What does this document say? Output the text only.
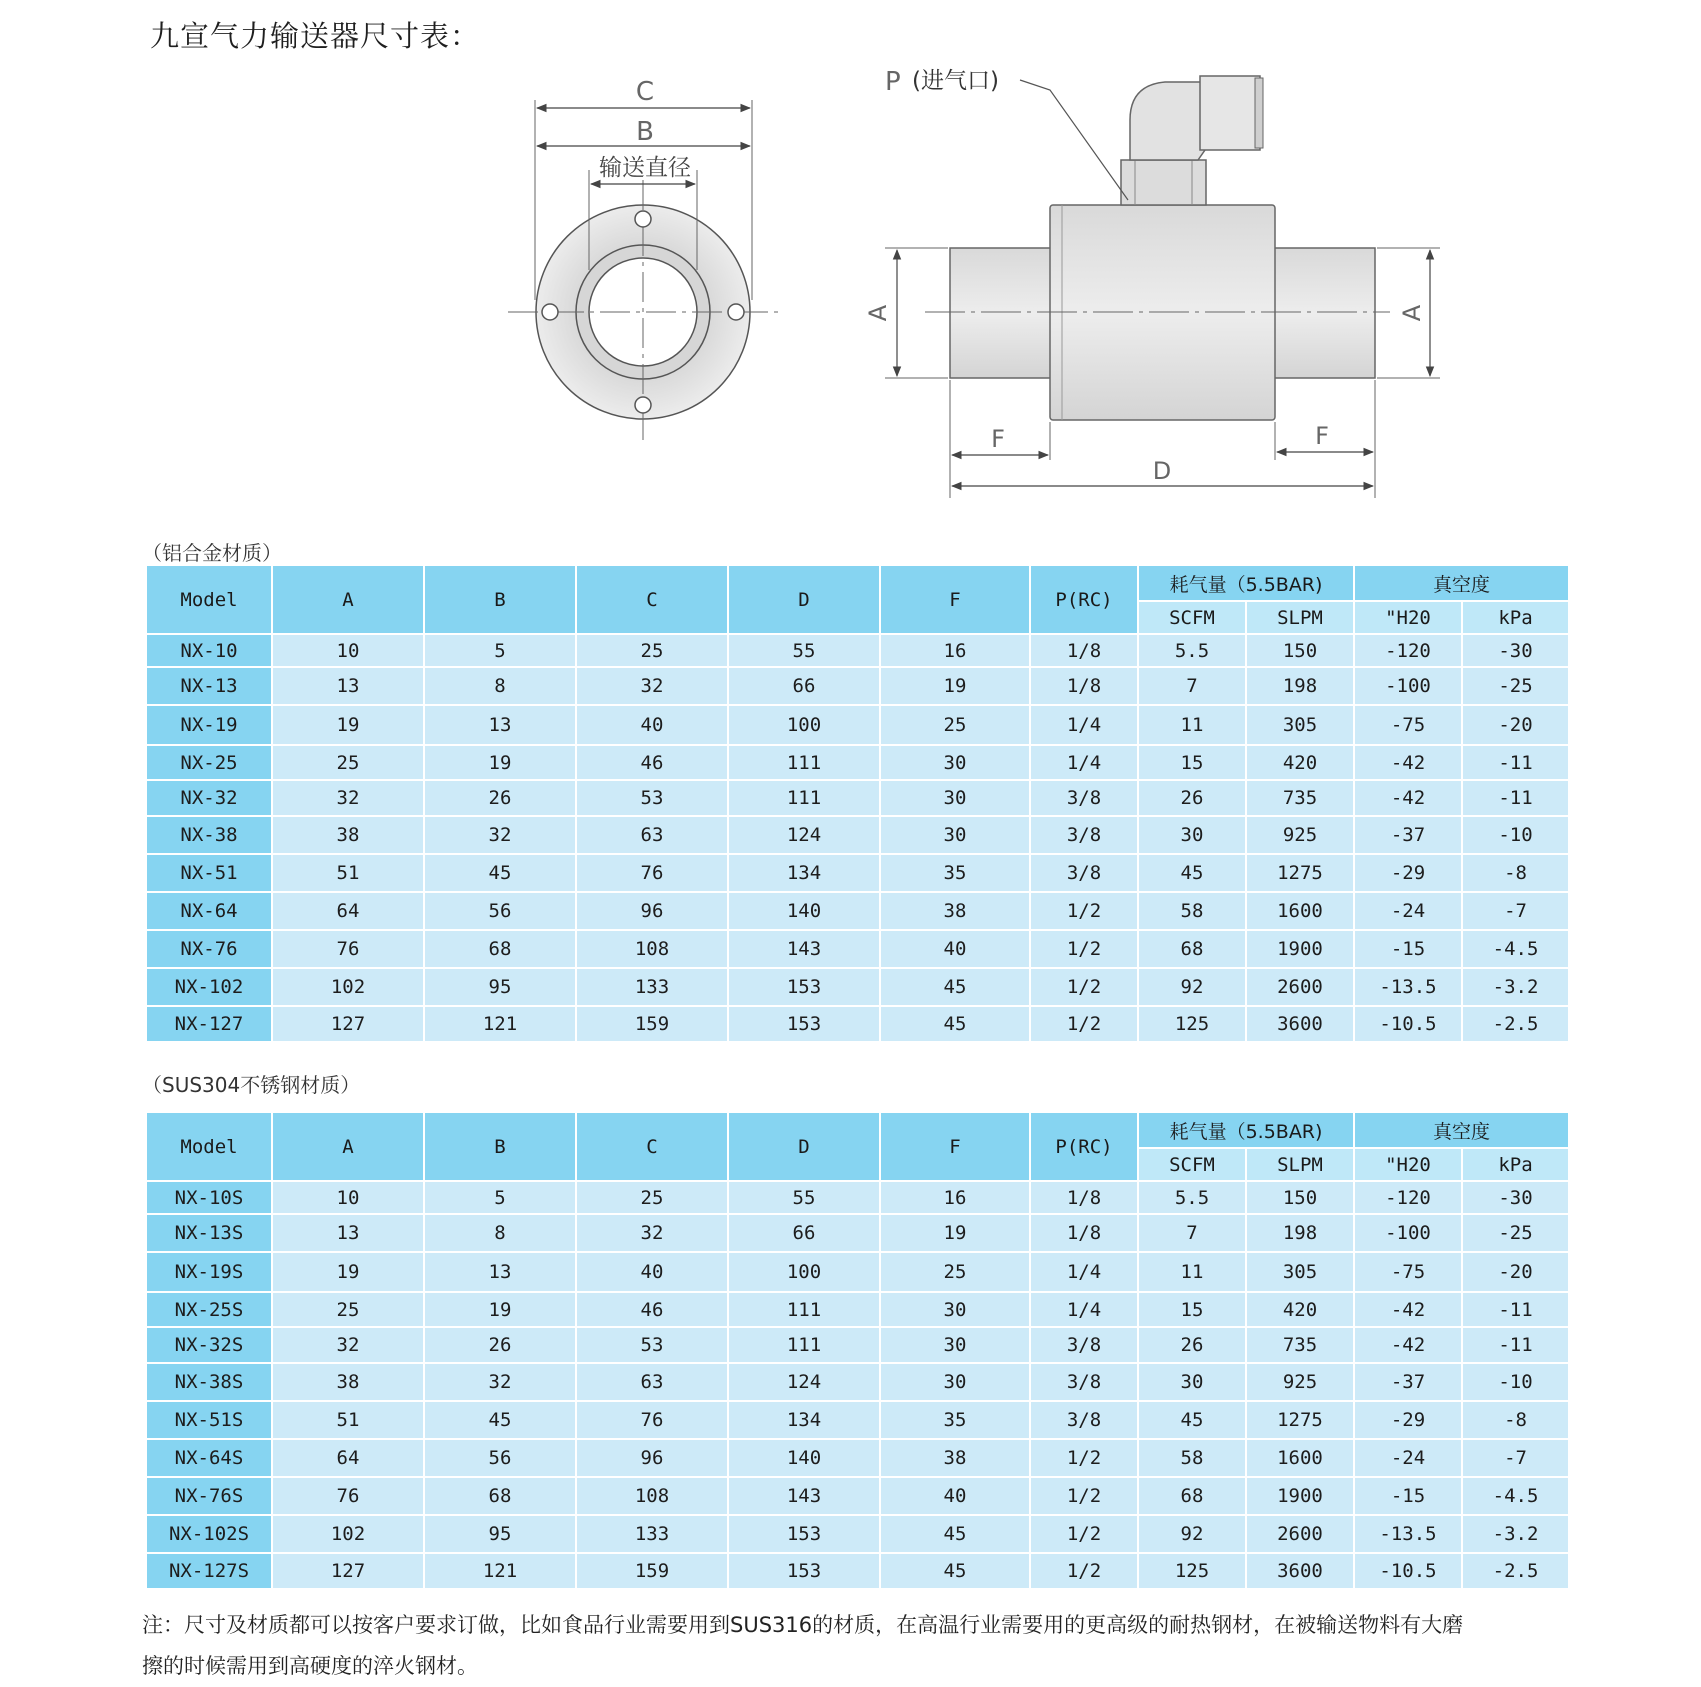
九宣气力输送器尺寸表：
C
B
输送直径
P (进气口)
A	A
F	F
D
（铝合金材质）
Model	A	B	C	D	F	P(RC)	耗气量（5.5BAR)		真空度	
							SCFM	SLPM	"H20	kPa
NX-10	10	5	25	55	16	1/8	5.5	150	-120	-30
NX-13	13	8	32	66	19	1/8	7	198	-100	-25
NX-19	19	13	40	100	25	1/4	11	305	-75	-20
NX-25	25	19	46	111	30	1/4	15	420	-42	-11
NX-32	32	26	53	111	30	3/8	26	735	-42	-11
NX-38	38	32	63	124	30	3/8	30	925	-37	-10
NX-51	51	45	76	134	35	3/8	45	1275	-29	-8
NX-64	64	56	96	140	38	1/2	58	1600	-24	-7
NX-76	76	68	108	143	40	1/2	68	1900	-15	-4.5
NX-102	102	95	133	153	45	1/2	92	2600	-13.5	-3.2
NX-127	127	121	159	153	45	1/2	125	3600	-10.5	-2.5
（SUS304不锈钢材质）
Model	A	B	C	D	F	P(RC)	耗气量（5.5BAR)		真空度	
							SCFM	SLPM	"H20	kPa
NX-10S	10	5	25	55	16	1/8	5.5	150	-120	-30
NX-13S	13	8	32	66	19	1/8	7	198	-100	-25
NX-19S	19	13	40	100	25	1/4	11	305	-75	-20
NX-25S	25	19	46	111	30	1/4	15	420	-42	-11
NX-32S	32	26	53	111	30	3/8	26	735	-42	-11
NX-38S	38	32	63	124	30	3/8	30	925	-37	-10
NX-51S	51	45	76	134	35	3/8	45	1275	-29	-8
NX-64S	64	56	96	140	38	1/2	58	1600	-24	-7
NX-76S	76	68	108	143	40	1/2	68	1900	-15	-4.5
NX-102S	102	95	133	153	45	1/2	92	2600	-13.5	-3.2
NX-127S	127	121	159	153	45	1/2	125	3600	-10.5	-2.5

注：尺寸及材质都可以按客户要求订做，比如食品行业需要用到SUS316的材质，在高温行业需要用的更高级的耐热钢材，在被输送物料有大磨

擦的时候需用到高硬度的淬火钢材。
